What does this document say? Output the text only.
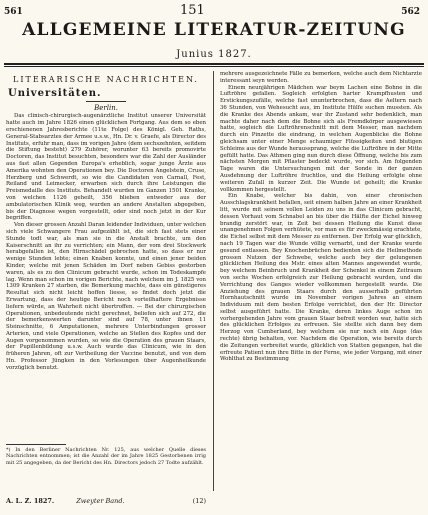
561	151	562
ALLGEMEINE LITERATUR-ZEITUNG
Junius 1827.
LITERARISCHE NACHRICHTEN.
Universitäten.
Berlin.

Das clinisch-chirurgisch-augenärztliche Institut unserer Universität hatte auch im Jahre 1826 einen glücklichen Fortgang. Aus dem so eben erschienenen Jahresberichte (11te Folge) des Königl. Geh. Raths, General-Stabsarztes der Armee u.s.w., Hn. Dr. v. Graefe, als Director des Instituts, erfuhr man, dass im vorigen Jahre (dem sechszehnten, seitdem die Stiftung besteht) 279 Zuhörer, worunter 63 bereits promovirte Doctoren, das Institut besuchten, besonders war die Zahl der Ausländer aus fast allen Gegenden Europa's erheblich, sogar junge Ärzte aus Amerika wohnten den Operationen bey. Die Doctoren Angelstein, Cruse, Herzberg und Schwerdt, so wie die Candidaten von Carnall, Fest, Reiland und Leimecker, erwarben sich durch ihre Leistungen die Preismedaille des Instituts. Behandelt wurden im Ganzen 1501 Kranke, von welchen 1126 geheilt, 356 blieben entweder aus der ambulatorischen Klinik weg, wurden an andere Anstalten abgegeben, bis der Diagnose wegen vorgestellt, oder sind noch jetzt in der Kur begriffen.

Von dieser grossen Anzahl Daran leidender Individuen, unter welchen sich viele Schwangere Frau aufgezählt ist, die sich fast stets einer Stunde todt war, als man sie in die Anstalt brachte, um den Kaiserschnitt an ihr zu verrichten; ein Mann, der vom drei Stockwerk herabgefallen ist, den Hirnschädel gebrochen hatte, so dass er nur wenige Stunden lebte; einen Knaben konnte, und einen jener beiden Kinder, welche mit jenen Schäden im Dorf neben Gebiss gestorben waren, als es zu den Clinicum gebracht wurde, schon im Todeskampfe lag. Wenn man schon im vorigen Berichte, nach welchem im J. 1825 von 1309 Kranken 27 starben, die Bemerkung machte, dass ein günstigeres Resultat sich nicht leicht hoffen liesse, so findet doch jetzt die Erwartung, dass der heutige Bericht noch vorteilhaftere Ergebnisse liefern würde, an Wahrheit nicht übertroffen. — Bei der chirurgischen Operationen, unbedeutende nicht gerechnet, beliefen sich auf 272, die der bemerkenswerten darunter sind auf 78, unter ihnen 11 Steinschnitte, 6 Amputationen, mehrere Unterbindungen grosser Arterien, und viele Operationen, welche an Stellen des Kopfes und der Augen vorgenommen wurden, so wie die Operation des grauen Staars, der Pupillenbildung u.s.w. Auch wurde das Clinicum, wie in den früheren Jahren, oft zur Vertheilung der Vaccine benutzt, und von dem Hn. Professor Jüngken in den Vorlesungen über Augenheilkunde vorzüglich benutzt.

mehrere ausgezeichnete Fälle zu bemerken, welche auch dem Nichtarzte interessant seyn werden.

Einem neunjährigen Mädchen war beym Lachen eine Bohne in die Luftröhre gefallen. Sogleich erfolgten harter Krampfhusten und Erstickungszufälle, welche fast ununterbrochen, dass die Aeltern nach 36 Stunden, von Wehesucht aus, im Institute Hülfe suchen mussten. Als die Kranke des Abends ankam, war ihr Zustand sehr bedenklich, man machte daher nach dem die Bohne sich als Fremdkörper ausgewiesen hatte, sogleich die Luftröhrenschnitt mit dem Messer, man nachdem durch ein Pinzette die eindrang, in welchen Augenblicke die Bohne gleichsam unter einer Menge schaumiger Flüssigkeiten und blutigen Schleims aus der Wunde heraussprang, welche die Luftröhre in der Mitte gefüllt hatte. Das Athmen ging nun durch diese Öffnung, welche bis zum nächsten Morgen mit Pflaster bedeckt wurde, vor sich. Am folgenden Tage waren die Untersuchungen mit der Sonde in der ganzen Ausdehnung der Luftröhre fruchtlos, und die Heilung erfolgte ohne weiteren Zufall in kurzer Zeit. Die Wunde ist geheilt; die Kranke vollkommen hergestellt.

Ein Knabe, welcher bis dahin, von einer chronischen Ausschlagskrankheit befallen, seit einem halben Jahre an einer Krankheit litt, wurde mit seinem vollen Leiden zu uns in das Clinicum gebracht, dessen Vorhaut vom Schnabel an bis über die Hälfte der Eichel hinweg brandig zerstört war, in Zeit bei dessen Heilung die Kunst diese unangenehmen Folgen verhütete, vor man es für zweckmässig erachtete, die Eichel selbst mit dem Messer zu entfernen. Der Erfolg war glücklich, nach 19 Tagen war die Wunde völlig vernarbt, und der Kranke wurde gesund entlassen. Bey Knochenbrüchen bedienten sich die Heilmethode grossen Nutzen der Schwebe, welche auch bey der gelungenen glücklichen Heilung des Mstr. eines alten Mannes angewendet wurde, bey welchem Beinbruch und Krankheit der Schenkel in einem Zeitraum von sechs Wochen erfolgreich zur Heilung gebracht wurden, und die Verrichtung des Ganges wieder vollkommen hergestellt wurde. Die Anziehung des grauen Staars durch den ausserhalb geführten Hornhautschnitt wurde im November vorigen Jahres an einem Individuum mit dem besten Erfolge verrichtet, den der Hr. Director selbst ausgeführt hatte. Die Kranke, deren linkes Auge schon im vorhergehenden Jahre vom grauen Staar befreit worden war, hatte sich des glücklichen Erfolges zu erfreuen. Sie stellte sich dann bey dem Herzog von Cumberland, bey welchem sie nur noch ein Auge (das rechte) übrig behalten, vor. Nachdem die Operation, wie bereits durch die Zeitungen verbreitet wurde, glücklich von Statten gegangen, hat die erfreute Patient nun ihre Bitte in der Ferne, wie jeder Vorgang, mit einer Wohlthat zu Bestimmung

*) In den Berliner Nachrichten Nr. 125, aus welcher Quelle dieses Nachrichten entnommen; ist die Anzahl der im Jahre 1825 Gestorbenen irrig mit 25 angegeben, da der Bericht des Hn. Directors jedoch 27 Todte aufzählt.
A. L. Z. 1827.	Zweyter Band.	(12)
